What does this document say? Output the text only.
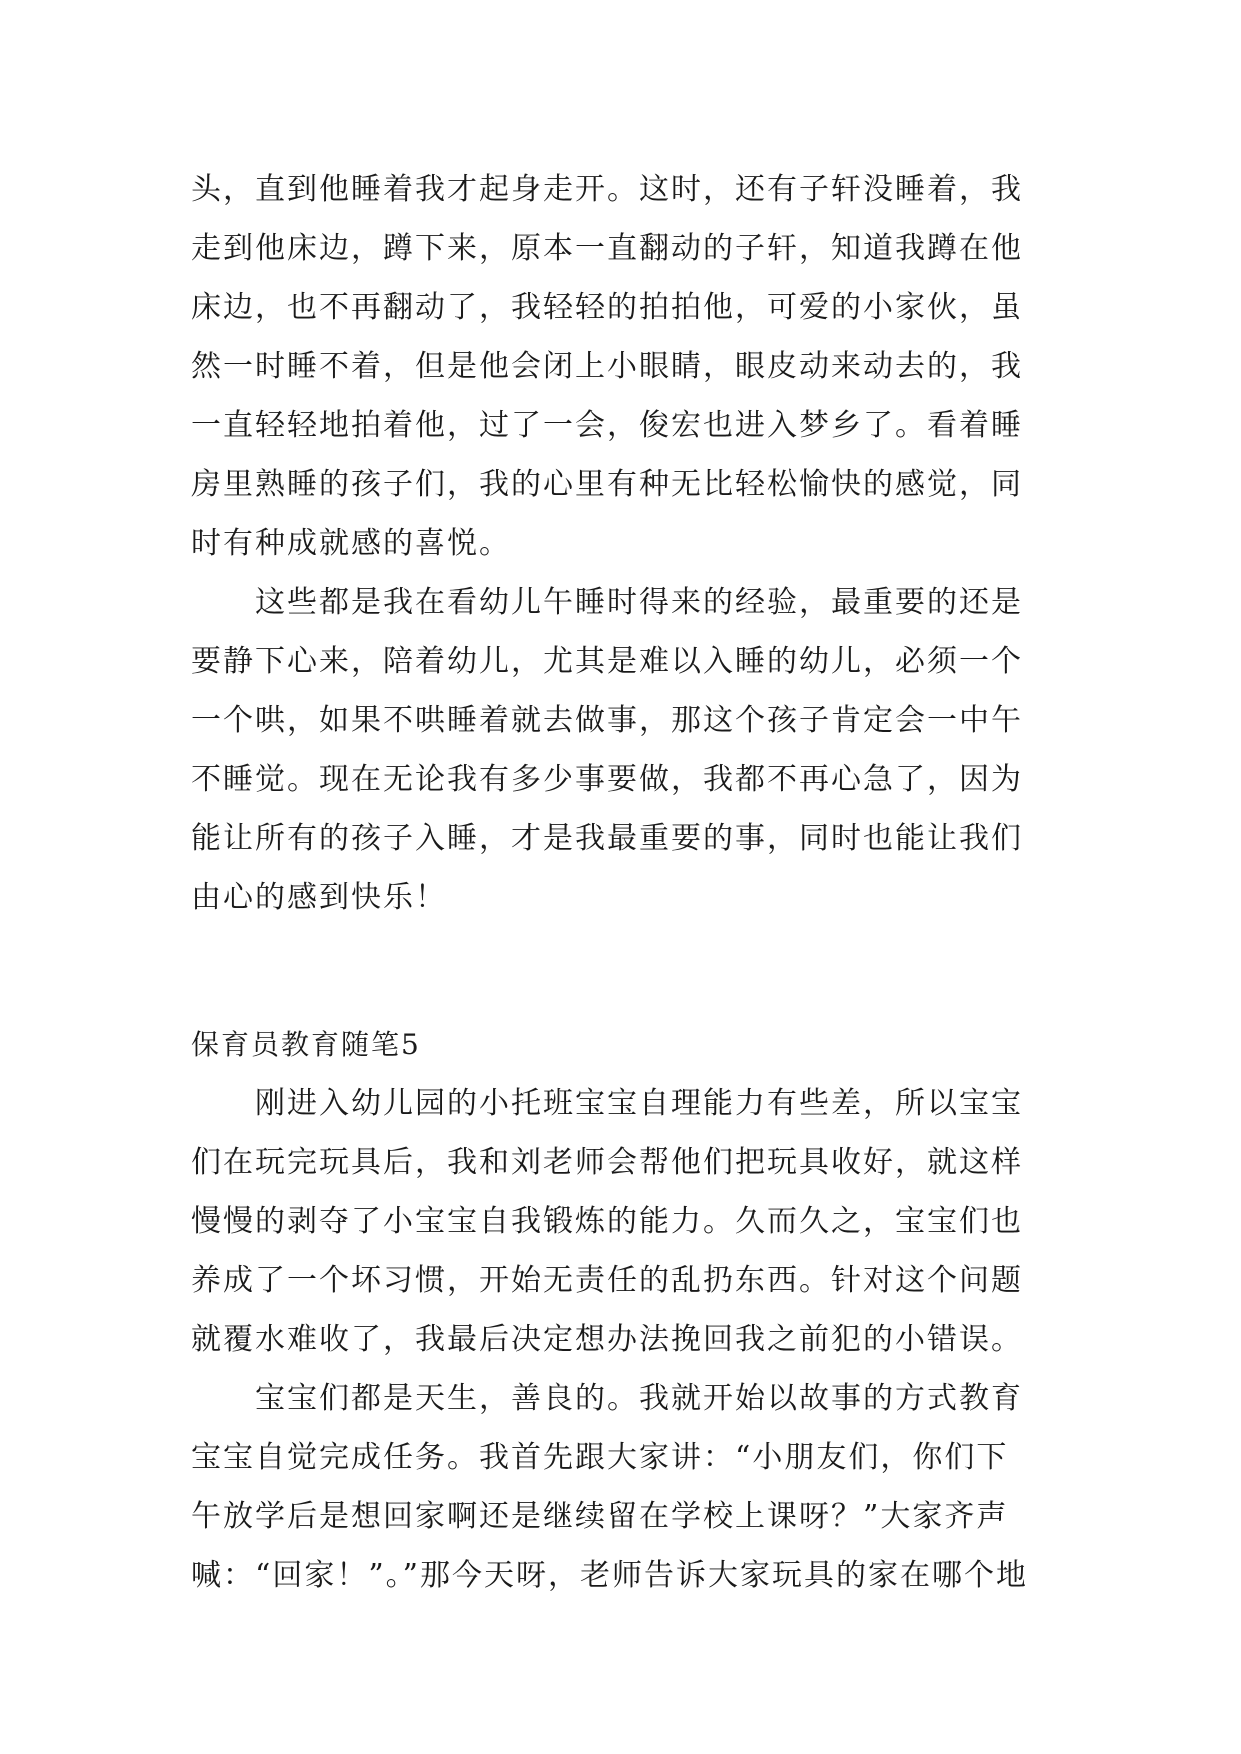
头，直到他睡着我才起身走开。这时，还有子轩没睡着，我
走到他床边，蹲下来，原本一直翻动的子轩，知道我蹲在他
床边，也不再翻动了，我轻轻的拍拍他，可爱的小家伙，虽
然一时睡不着，但是他会闭上小眼睛，眼皮动来动去的，我
一直轻轻地拍着他，过了一会，俊宏也进入梦乡了。看着睡
房里熟睡的孩子们，我的心里有种无比轻松愉快的感觉，同
时有种成就感的喜悦。
这些都是我在看幼儿午睡时得来的经验，最重要的还是
要静下心来，陪着幼儿，尤其是难以入睡的幼儿，必须一个
一个哄，如果不哄睡着就去做事，那这个孩子肯定会一中午
不睡觉。现在无论我有多少事要做，我都不再心急了，因为
能让所有的孩子入睡，才是我最重要的事，同时也能让我们
由心的感到快乐！
保育员教育随笔5
刚进入幼儿园的小托班宝宝自理能力有些差，所以宝宝
们在玩完玩具后，我和刘老师会帮他们把玩具收好，就这样
慢慢的剥夺了小宝宝自我锻炼的能力。久而久之，宝宝们也
养成了一个坏习惯，开始无责任的乱扔东西。针对这个问题
就覆水难收了，我最后决定想办法挽回我之前犯的小错误。
宝宝们都是天生，善良的。我就开始以故事的方式教育
宝宝自觉完成任务。我首先跟大家讲：“小朋友们，你们下
午放学后是想回家啊还是继续留在学校上课呀？”大家齐声
喊：“回家！”。”那今天呀，老师告诉大家玩具的家在哪个地
